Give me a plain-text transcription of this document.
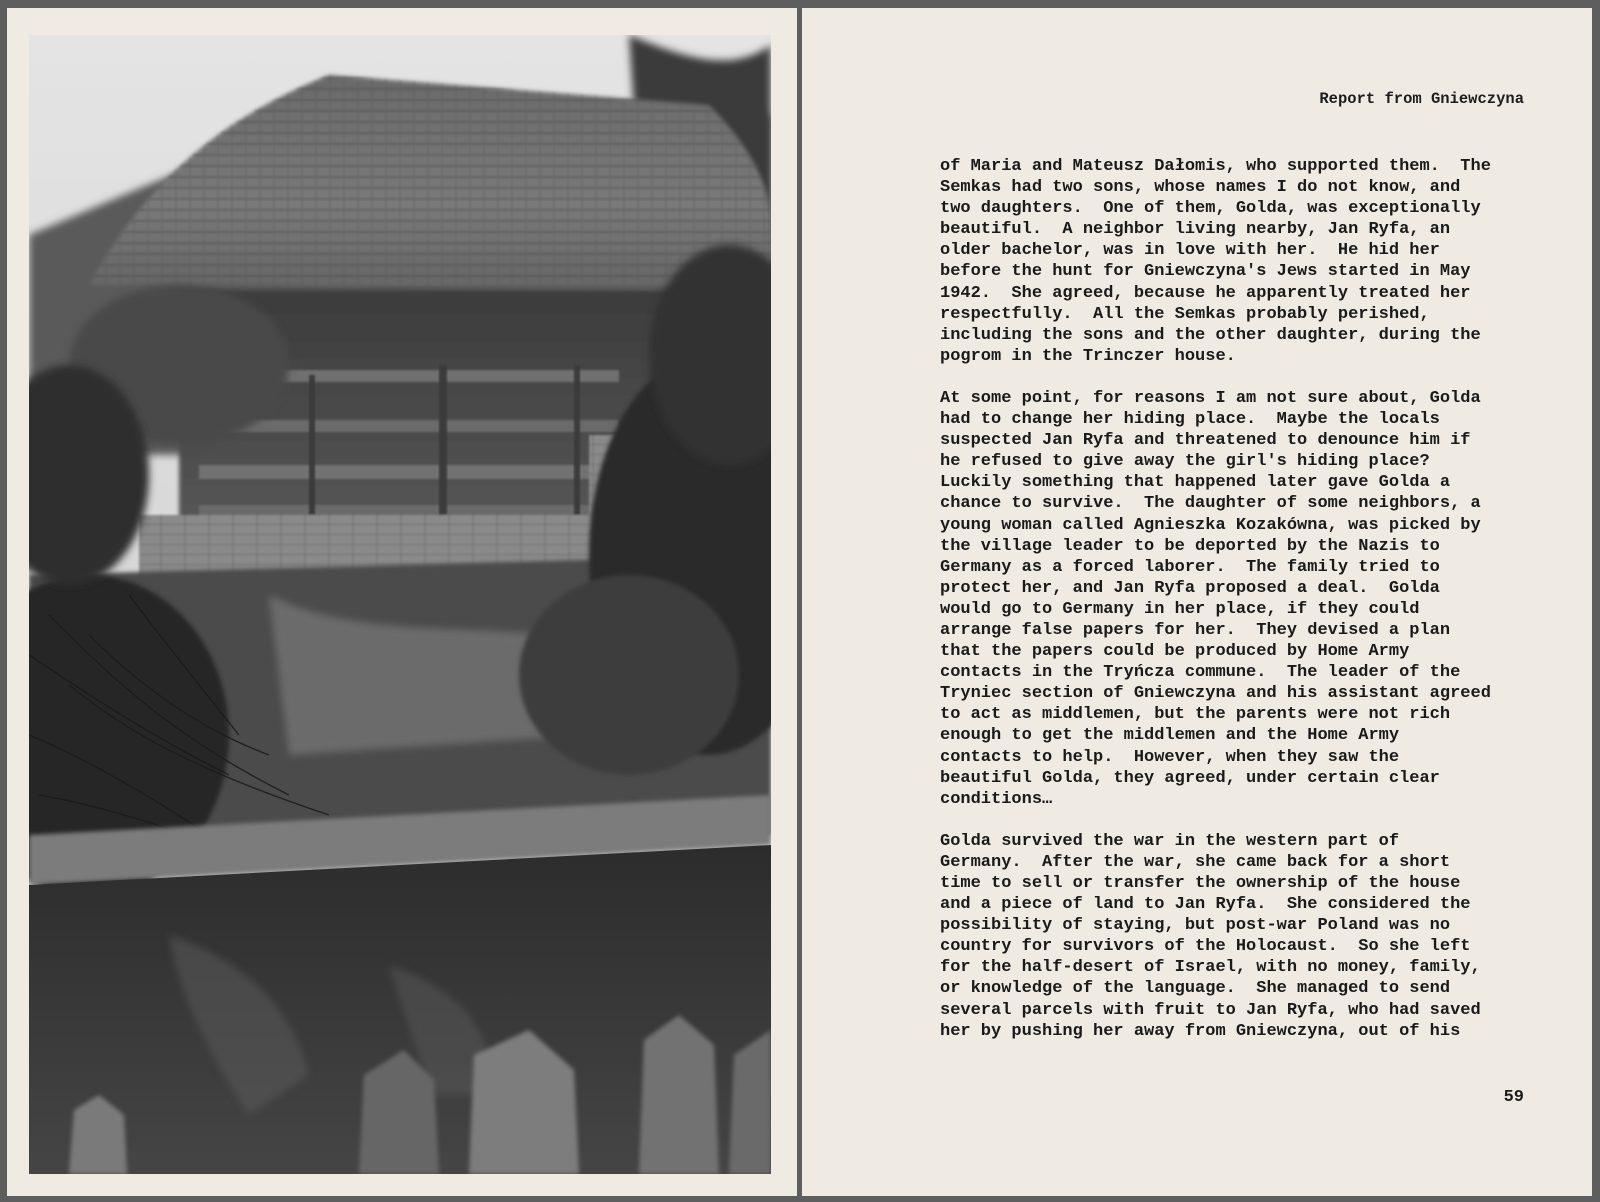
Report from Gniewczyna

of Maria and Mateusz Dałomis, who supported them.  The
Semkas had two sons, whose names I do not know, and
two daughters.  One of them, Golda, was exceptionally
beautiful.  A neighbor living nearby, Jan Ryfa, an
older bachelor, was in love with her.  He hid her
before the hunt for Gniewczyna's Jews started in May
1942.  She agreed, because he apparently treated her
respectfully.  All the Semkas probably perished,
including the sons and the other daughter, during the
pogrom in the Trinczer house.

At some point, for reasons I am not sure about, Golda
had to change her hiding place.  Maybe the locals
suspected Jan Ryfa and threatened to denounce him if
he refused to give away the girl's hiding place?
Luckily something that happened later gave Golda a
chance to survive.  The daughter of some neighbors, a
young woman called Agnieszka Kozakówna, was picked by
the village leader to be deported by the Nazis to
Germany as a forced laborer.  The family tried to
protect her, and Jan Ryfa proposed a deal.  Golda
would go to Germany in her place, if they could
arrange false papers for her.  They devised a plan
that the papers could be produced by Home Army
contacts in the Tryńcza commune.  The leader of the
Tryniec section of Gniewczyna and his assistant agreed
to act as middlemen, but the parents were not rich
enough to get the middlemen and the Home Army
contacts to help.  However, when they saw the
beautiful Golda, they agreed, under certain clear
conditions…

Golda survived the war in the western part of
Germany.  After the war, she came back for a short
time to sell or transfer the ownership of the house
and a piece of land to Jan Ryfa.  She considered the
possibility of staying, but post-war Poland was no
country for survivors of the Holocaust.  So she left
for the half-desert of Israel, with no money, family,
or knowledge of the language.  She managed to send
several parcels with fruit to Jan Ryfa, who had saved
her by pushing her away from Gniewczyna, out of his

59
